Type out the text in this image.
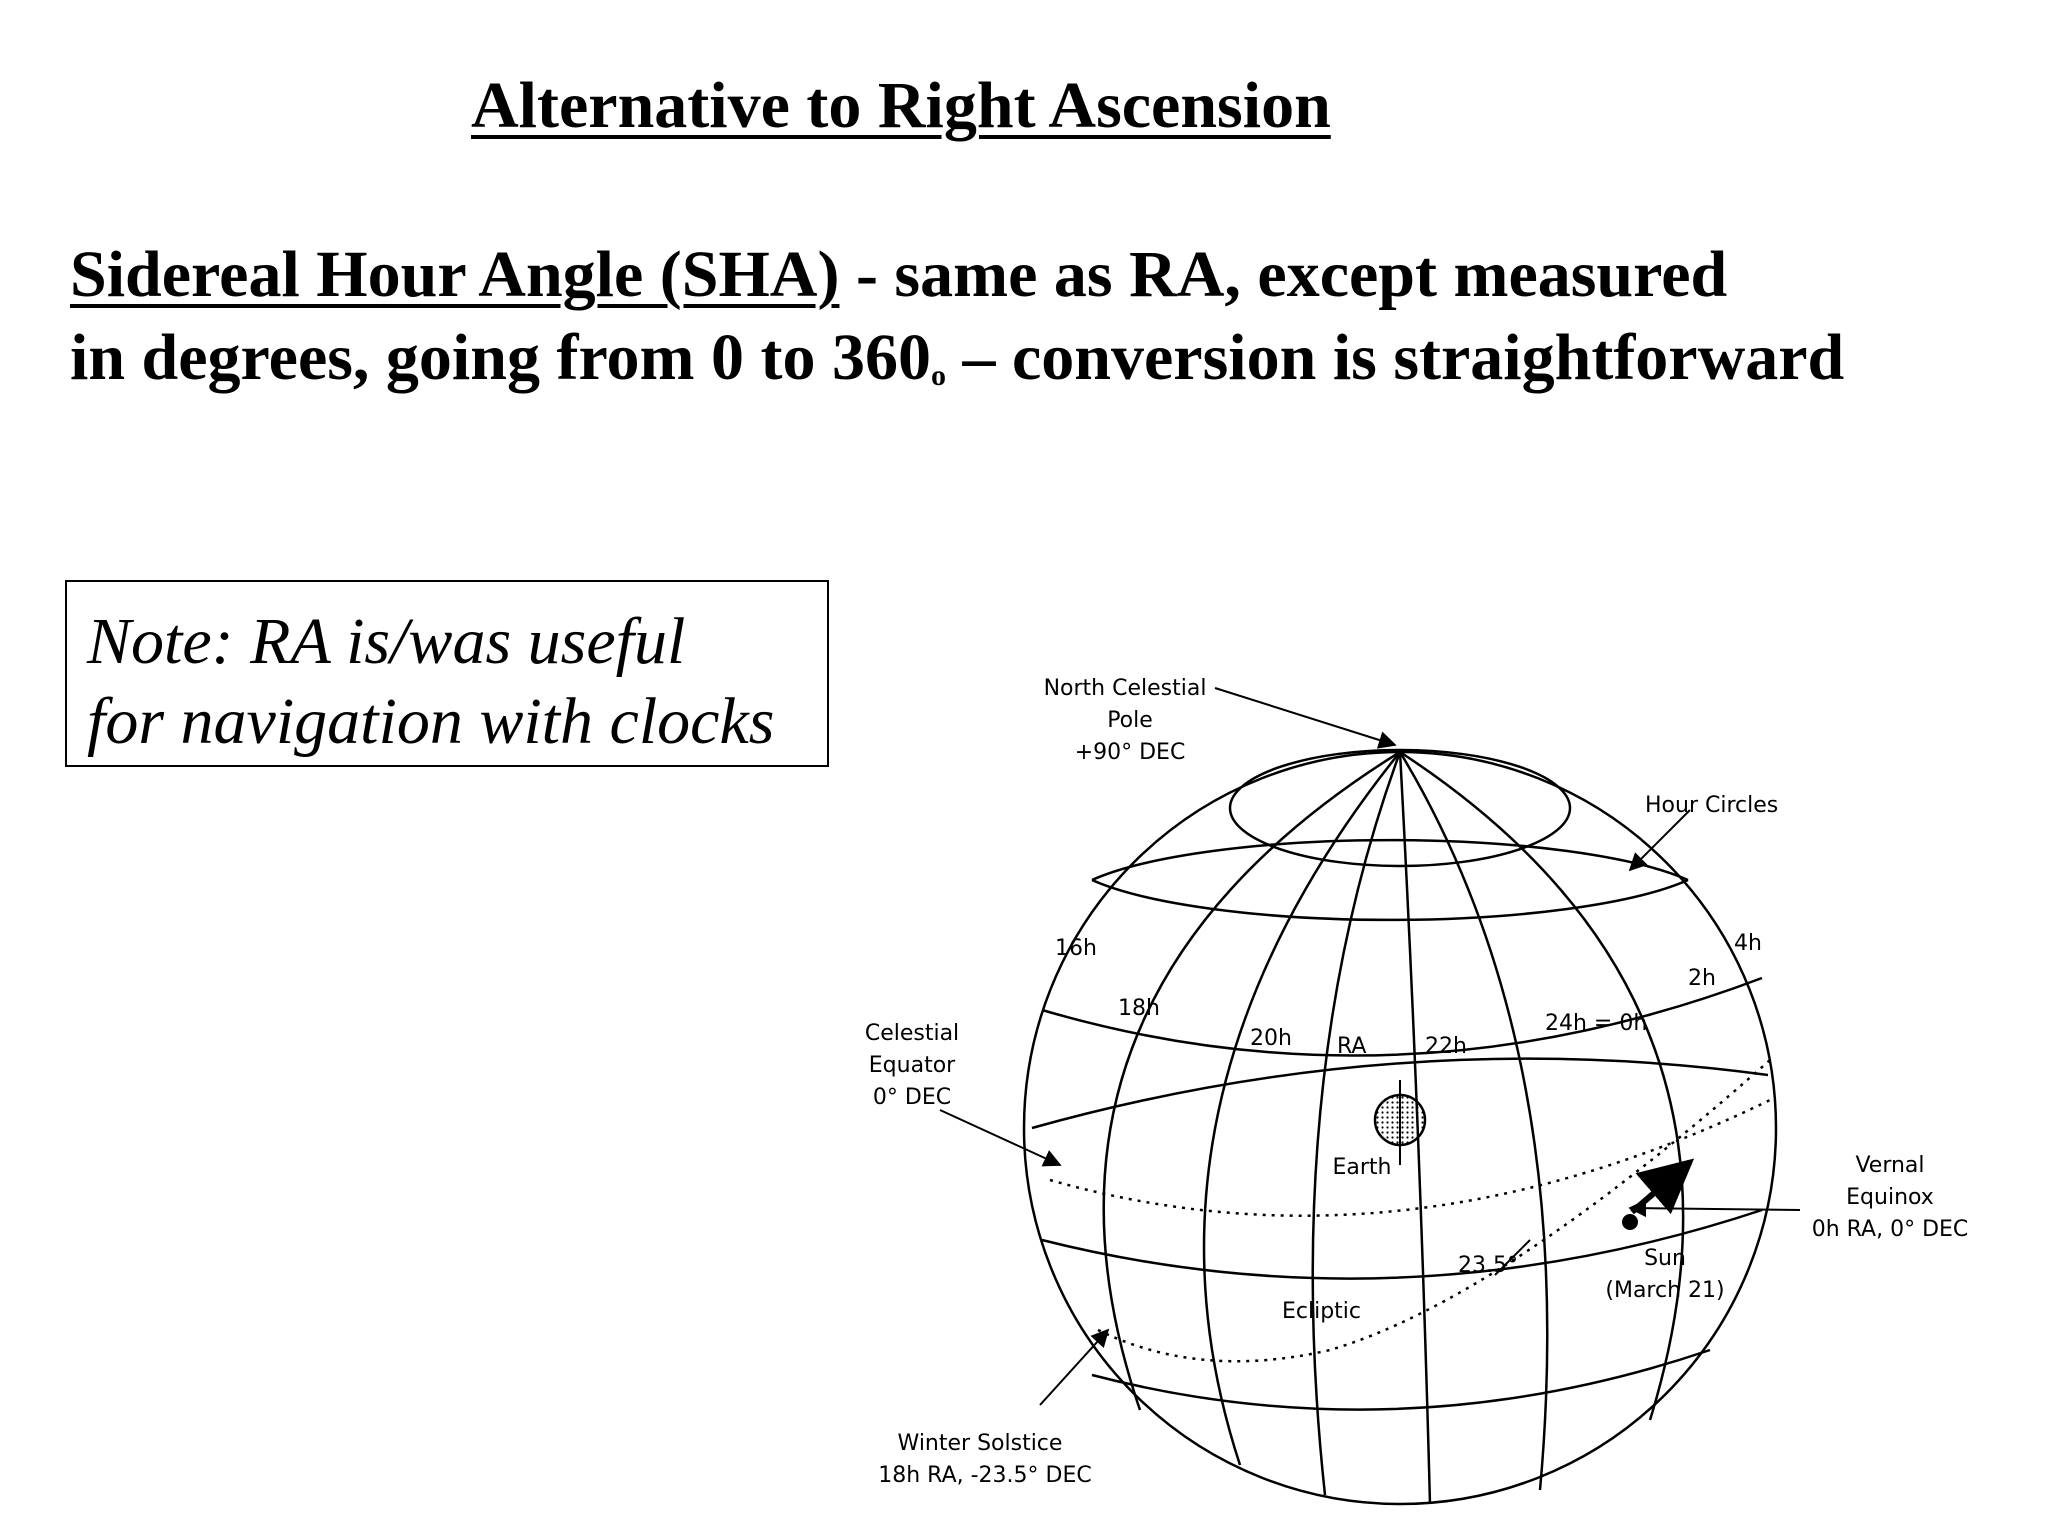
Alternative to Right Ascension
Sidereal Hour Angle (SHA) - same as RA, except measured
in degrees, going from 0 to 360$^o$ – conversion is straightforward
Note: RA is/was useful
for navigation with clocks	North Celestial
Pole
+90° DEC
Hour Circles
16h
18h
20h RA	22h
24h = 0h
2h
4h
Earth
Celestial
Equator
0° DEC
Vernal
Equinox
0h RA, 0° DEC
Sun
(March 21)
23.5°
Ecliptic
Winter Solstice
18h RA, -23.5° DEC
